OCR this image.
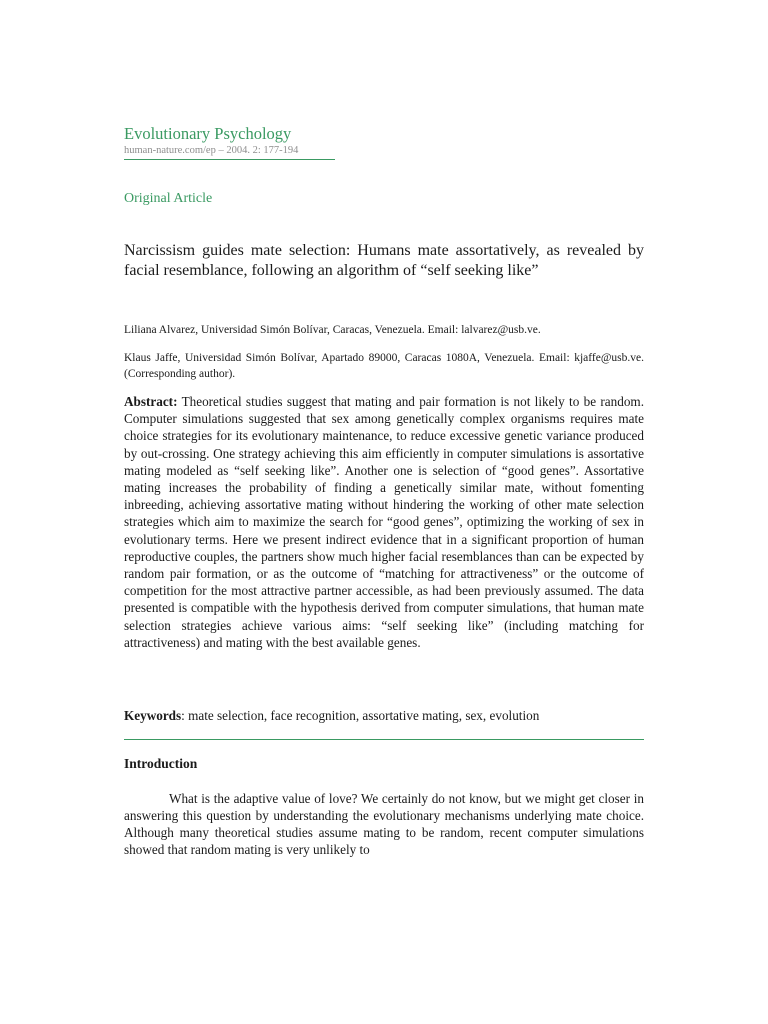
Evolutionary Psychology
human-nature.com/ep – 2004. 2: 177-194
Original Article
Narcissism guides mate selection: Humans mate assortatively, as revealed by facial resemblance, following an algorithm of “self seeking like”
Liliana Alvarez, Universidad Simón Bolívar, Caracas, Venezuela. Email: lalvarez@usb.ve.
Klaus Jaffe, Universidad Simón Bolívar, Apartado 89000, Caracas 1080A, Venezuela. Email: kjaffe@usb.ve. (Corresponding author).
Abstract: Theoretical studies suggest that mating and pair formation is not likely to be random. Computer simulations suggested that sex among genetically complex organisms requires mate choice strategies for its evolutionary maintenance, to reduce excessive genetic variance produced by out-crossing. One strategy achieving this aim efficiently in computer simulations is assortative mating modeled as “self seeking like”. Another one is selection of “good genes”. Assortative mating increases the probability of finding a genetically similar mate, without fomenting inbreeding, achieving assortative mating without hindering the working of other mate selection strategies which aim to maximize the search for “good genes”, optimizing the working of sex in evolutionary terms. Here we present indirect evidence that in a significant proportion of human reproductive couples, the partners show much higher facial resemblances than can be expected by random pair formation, or as the outcome of “matching for attractiveness” or the outcome of competition for the most attractive partner accessible, as had been previously assumed. The data presented is compatible with the hypothesis derived from computer simulations, that human mate selection strategies achieve various aims: “self seeking like” (including matching for attractiveness) and mating with the best available genes.
Keywords: mate selection, face recognition, assortative mating, sex, evolution
Introduction
What is the adaptive value of love? We certainly do not know, but we might get closer in answering this question by understanding the evolutionary mechanisms underlying mate choice. Although many theoretical studies assume mating to be random, recent computer simulations showed that random mating is very unlikely to
